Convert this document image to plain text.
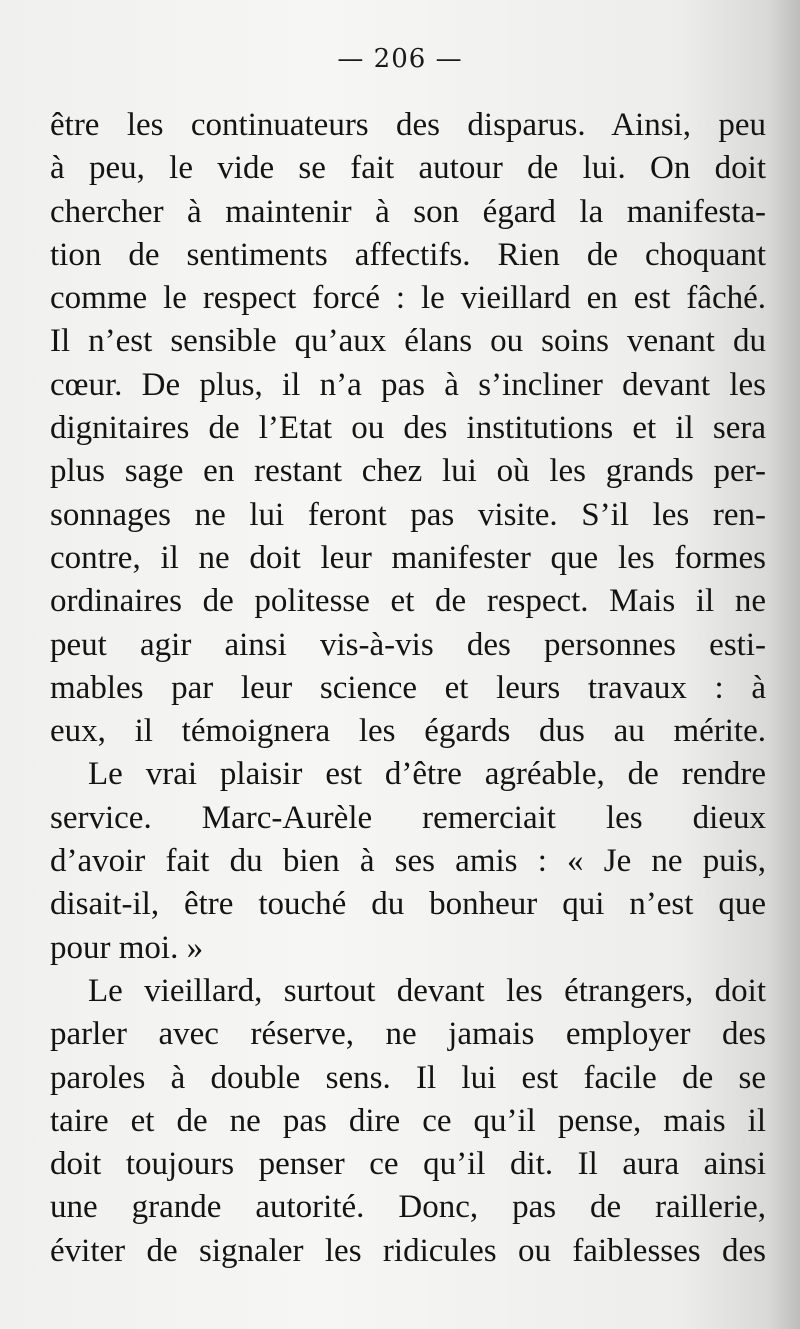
— 206 —
être les continuateurs des disparus. Ainsi, peu
à peu, le vide se fait autour de lui. On doit
chercher à maintenir à son égard la manifesta-
tion de sentiments affectifs. Rien de choquant
comme le respect forcé : le vieillard en est fâché.
Il n’est sensible qu’aux élans ou soins venant du
cœur. De plus, il n’a pas à s’incliner devant les
dignitaires de l’Etat ou des institutions et il sera
plus sage en restant chez lui où les grands per-
sonnages ne lui feront pas visite. S’il les ren-
contre, il ne doit leur manifester que les formes
ordinaires de politesse et de respect. Mais il ne
peut agir ainsi vis-à-vis des personnes esti-
mables par leur science et leurs travaux : à
eux, il témoignera les égards dus au mérite.
Le vrai plaisir est d’être agréable, de rendre
service. Marc-Aurèle remerciait les dieux
d’avoir fait du bien à ses amis : « Je ne puis,
disait-il, être touché du bonheur qui n’est que
pour moi. »
Le vieillard, surtout devant les étrangers, doit
parler avec réserve, ne jamais employer des
paroles à double sens. Il lui est facile de se
taire et de ne pas dire ce qu’il pense, mais il
doit toujours penser ce qu’il dit. Il aura ainsi
une grande autorité. Donc, pas de raillerie,
éviter de signaler les ridicules ou faiblesses des
